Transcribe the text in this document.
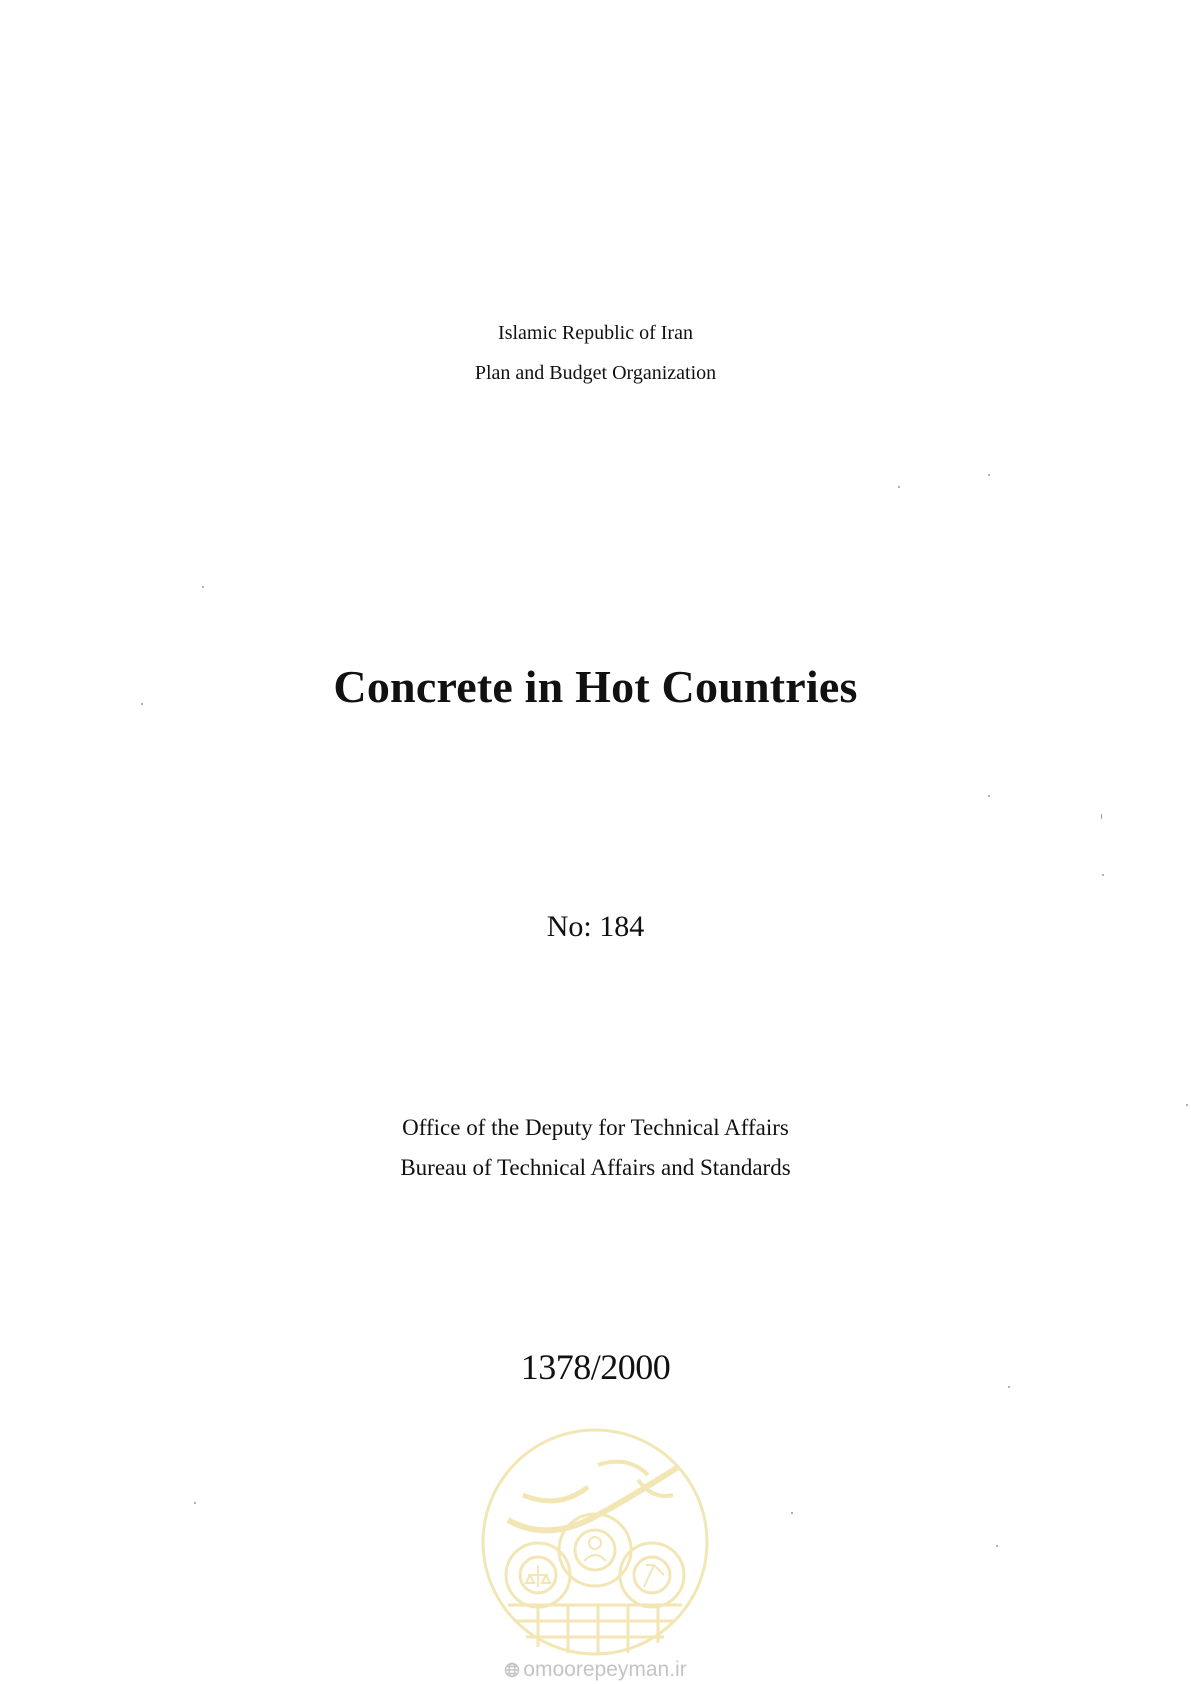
Islamic Republic of Iran
Plan and Budget Organization
Concrete in Hot Countries
No: 184
Office of the Deputy for Technical Affairs
Bureau of Technical Affairs and Standards
1378/2000
omoorepeyman.ir
